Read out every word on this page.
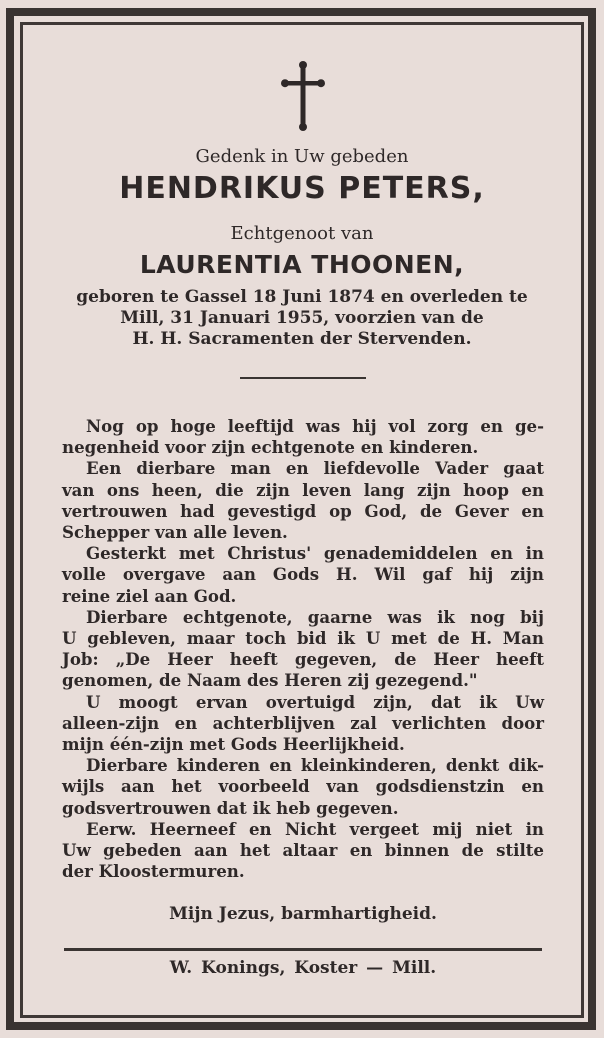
Gedenk in Uw gebeden
HENDRIKUS PETERS,
Echtgenoot van
LAURENTIA THOONEN,
geboren te Gassel 18 Juni 1874 en overleden te
Mill, 31 Januari 1955, voorzien van de
H. H. Sacramenten der Stervenden.
Nog op hoge leeftijd was hij vol zorg en ge-
negenheid voor zijn echtgenote en kinderen.
Een dierbare man en liefdevolle Vader gaat
van ons heen, die zijn leven lang zijn hoop en
vertrouwen had gevestigd op God, de Gever en
Schepper van alle leven.
Gesterkt met Christus' genademiddelen en in
volle overgave aan Gods H. Wil gaf hij zijn
reine ziel aan God.
Dierbare echtgenote, gaarne was ik nog bij
U gebleven, maar toch bid ik U met de H. Man
Job: „De Heer heeft gegeven, de Heer heeft
genomen, de Naam des Heren zij gezegend."
U moogt ervan overtuigd zijn, dat ik Uw
alleen-zijn en achterblijven zal verlichten door
mijn één-zijn met Gods Heerlijkheid.
Dierbare kinderen en kleinkinderen, denkt dik-
wijls aan het voorbeeld van godsdienstzin en
godsvertrouwen dat ik heb gegeven.
Eerw. Heerneef en Nicht vergeet mij niet in
Uw gebeden aan het altaar en binnen de stilte
der Kloostermuren.
Mijn Jezus, barmhartigheid.
W. Konings, Koster — Mill.
